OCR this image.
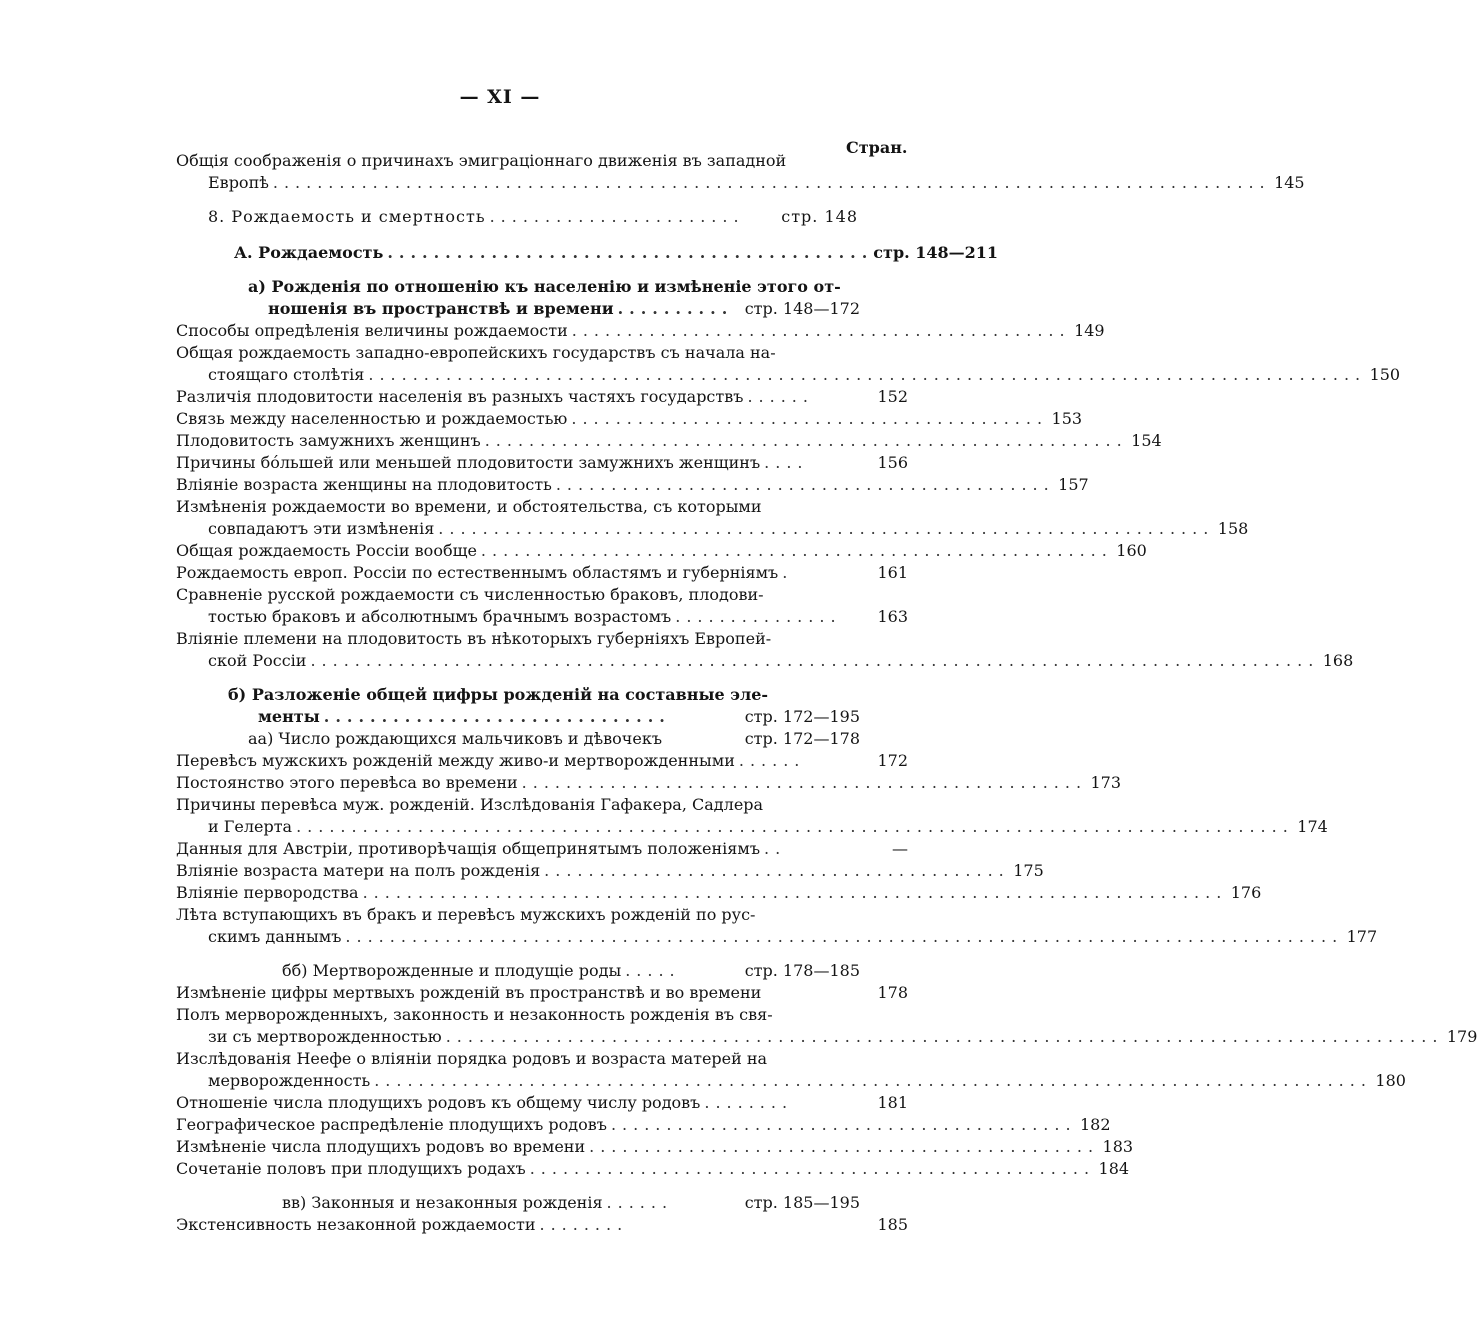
— XI —
Стран.
Общія соображенія о причинахъ эмиграціоннаго движенія въ западной
Европѣ .......................................................................................... 145
8. Рождаемость и смертность .......................	стр. 148
А. Рождаемость .......................................... стр. 148—211
а) Рожденія по отношенію къ населенію и измѣненіе этого от-
ношенія въ пространствѣ и времени .......... стр. 148—172
Способы опредѣленія величины рождаемости ............................................. 149
Общая рождаемость западно-европейскихъ государствъ съ начала на-
стоящаго столѣтія .......................................................................................... 150
Различія плодовитости населенія въ разныхъ частяхъ государствъ ......	152
Связь между населенностью и рождаемостью ........................................... 153
Плодовитость замужнихъ женщинъ .......................................................... 154
Причины бóльшей или меньшей плодовитости замужнихъ женщинъ ....	156
Вліяніе возраста женщины на плодовитость ............................................. 157
Измѣненія рождаемости во времени, и обстоятельства, съ которыми
совпадаютъ эти измѣненія ...................................................................... 158
Общая рождаемость Россіи вообще ......................................................... 160
Рождаемость европ. Россіи по естественнымъ областямъ и губерніямъ .	161
Сравненіе русской рождаемости съ численностью браковъ, плодови-
тостью браковъ и абсолютнымъ брачнымъ возрастомъ ...............	163
Вліяніе племени на плодовитость въ нѣкоторыхъ губерніяхъ Европей-
ской Россіи ........................................................................................... 168
б) Разложеніе общей цифры рожденій на составные эле-
менты ..............................	стр. 172—195
аа) Число рождающихся мальчиковъ и дѣвочекъ	стр. 172—178
Перевѣсъ мужскихъ рожденій между живо-и мертворожденными ......	172
Постоянство этого перевѣса во времени ................................................... 173
Причины перевѣса муж. рожденій. Изслѣдованія Гафакера, Садлера
и Гелерта .......................................................................................... 174
Данныя для Австріи, противорѣчащія общепринятымъ положеніямъ ..	—
Вліяніе возраста матери на полъ рожденія .......................................... 175
Вліяніе первородства .............................................................................. 176
Лѣта вступающихъ въ бракъ и перевѣсъ мужскихъ рожденій по рус-
скимъ даннымъ .......................................................................................... 177
бб) Мертворожденные и плодущіе роды .....	стр. 178—185
Измѣненіе цифры мертвыхъ рожденій въ пространствѣ и во времени	178
Полъ мерворожденныхъ, законность и незаконность рожденія въ свя-
зи съ мертворожденностью .......................................................................................... 179
Изслѣдованія Неефе о вліяніи порядка родовъ и возраста матерей на
мерворожденность .......................................................................................... 180
Отношеніе числа плодущихъ родовъ къ общему числу родовъ ........	181
Географическое распредѣленіе плодущихъ родовъ .......................................... 182
Измѣненіе числа плодущихъ родовъ во времени .............................................. 183
Сочетаніе половъ при плодущихъ родахъ ................................................... 184
вв) Законныя и незаконныя рожденія ......	стр. 185—195
Экстенсивность незаконной рождаемости ........	185
